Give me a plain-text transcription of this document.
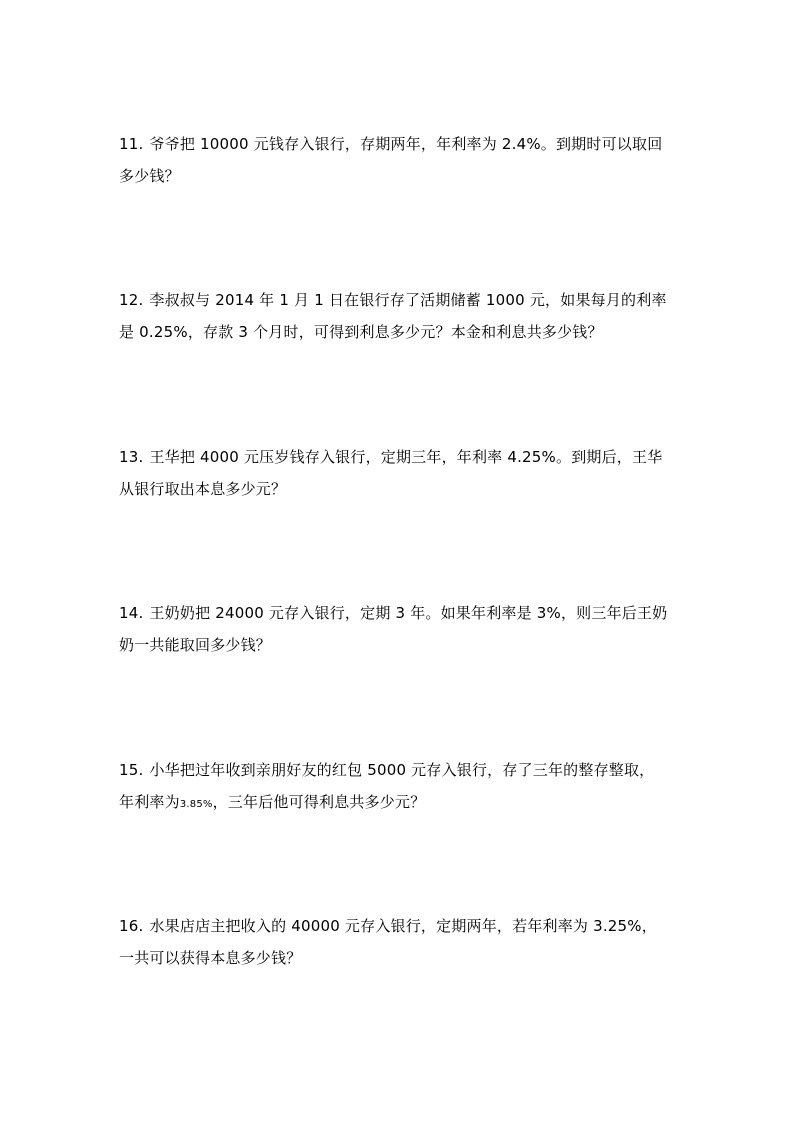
11. 爷爷把 10000 元钱存入银行，存期两年，年利率为 2.4%。到期时可以取回

多少钱？

12. 李叔叔与 2014 年 1 月 1 日在银行存了活期储蓄 1000 元，如果每月的利率

是 0.25%，存款 3 个月时，可得到利息多少元？本金和利息共多少钱？

13. 王华把 4000 元压岁钱存入银行，定期三年，年利率 4.25%。到期后，王华

从银行取出本息多少元？

14. 王奶奶把 24000 元存入银行，定期 3 年。如果年利率是 3%，则三年后王奶

奶一共能取回多少钱？

15. 小华把过年收到亲朋好友的红包 5000 元存入银行，存了三年的整存整取，

年利率为3.85%，三年后他可得利息共多少元？

16. 水果店店主把收入的 40000 元存入银行，定期两年，若年利率为 3.25%，

一共可以获得本息多少钱？
